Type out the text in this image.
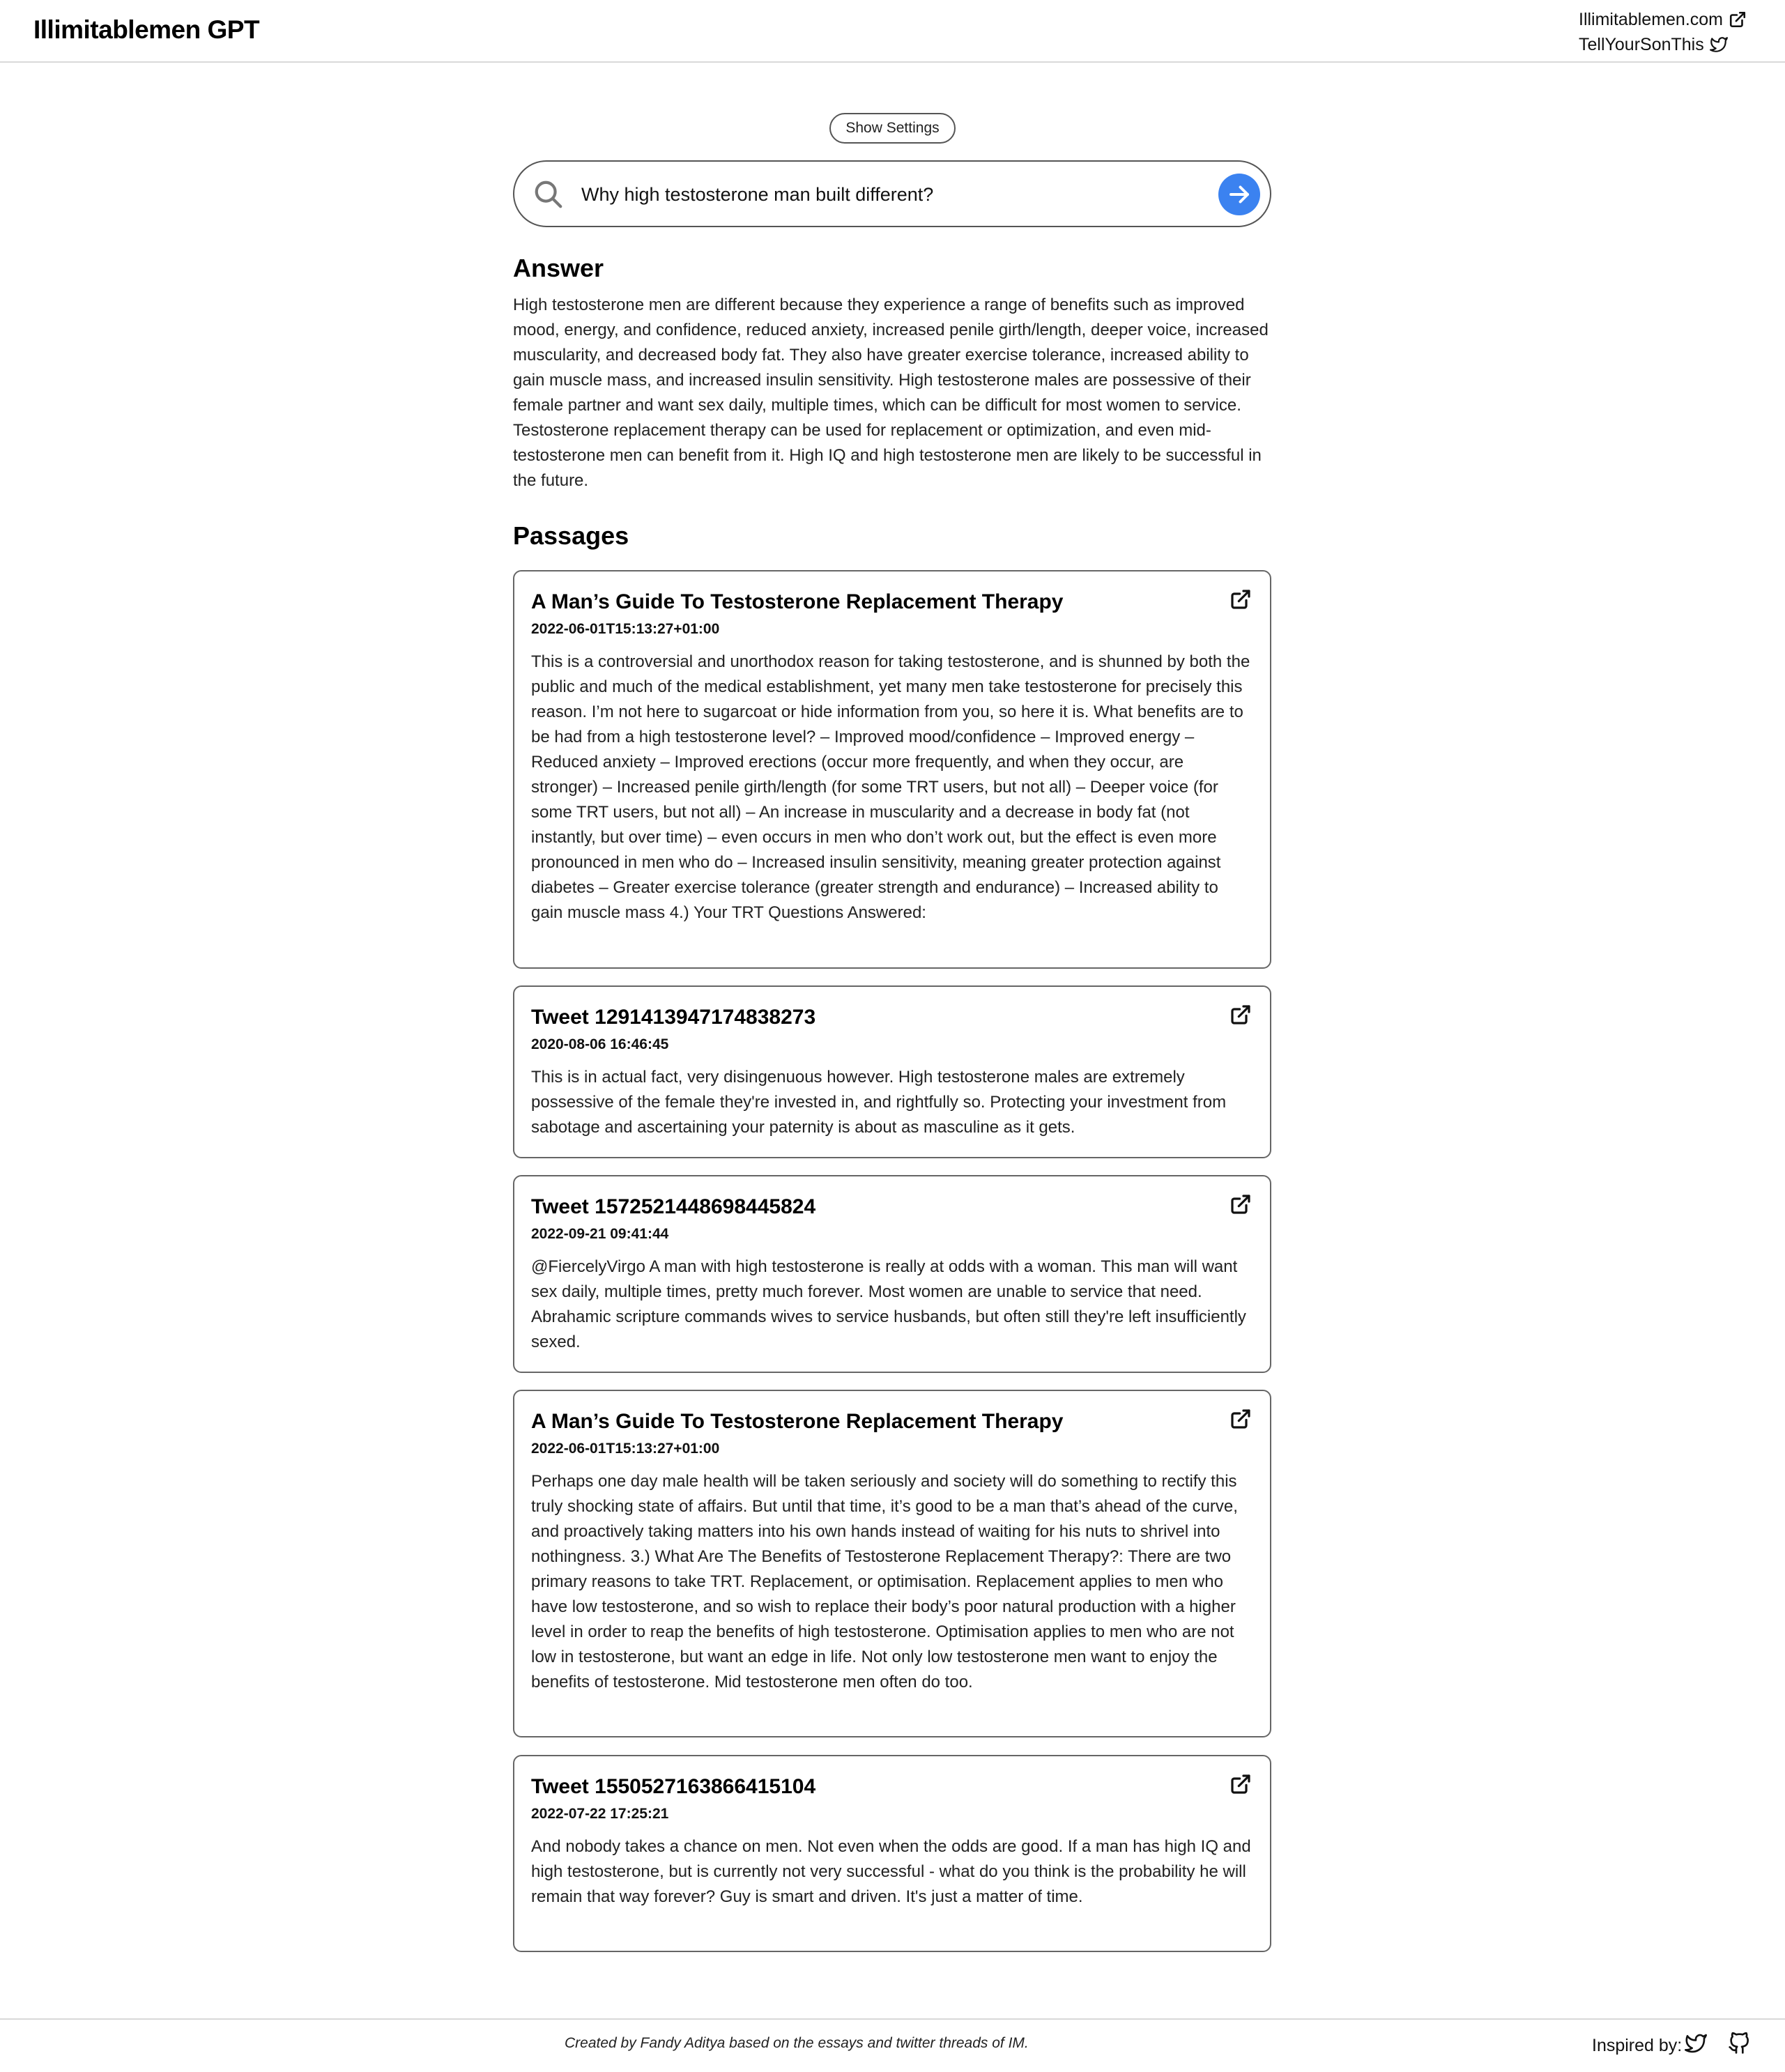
Illimitablemen GPT	Illimitablemen.com
TellYourSonThis
Show Settings
Why high testosterone man built different?
Answer

High testosterone men are different because they experience a range of benefits such as improved mood, energy, and confidence, reduced anxiety, increased penile girth/length, deeper voice, increased muscularity, and decreased body fat. They also have greater exercise tolerance, increased ability to gain muscle mass, and increased insulin sensitivity. High testosterone males are possessive of their female partner and want sex daily, multiple times, which can be difficult for most women to service. Testosterone replacement therapy can be used for replacement or optimization, and even mid-testosterone men can benefit from it. High IQ and high testosterone men are likely to be successful in the future.

Passages
A Man’s Guide To Testosterone Replacement Therapy
2022-06-01T15:13:27+01:00
This is a controversial and unorthodox reason for taking testosterone, and is shunned by both the public and much of the medical establishment, yet many men take testosterone for precisely this reason. I’m not here to sugarcoat or hide information from you, so here it is. What benefits are to be had from a high testosterone level? – Improved mood/confidence – Improved energy – Reduced anxiety – Improved erections (occur more frequently, and when they occur, are stronger) – Increased penile girth/length (for some TRT users, but not all) – Deeper voice (for some TRT users, but not all) – An increase in muscularity and a decrease in body fat (not instantly, but over time) – even occurs in men who don’t work out, but the effect is even more pronounced in men who do – Increased insulin sensitivity, meaning greater protection against diabetes – Greater exercise tolerance (greater strength and endurance) – Increased ability to gain muscle mass 4.) Your TRT Questions Answered:
Tweet 1291413947174838273
2020-08-06 16:46:45
This is in actual fact, very disingenuous however. High testosterone males are extremely possessive of the female they're invested in, and rightfully so. Protecting your investment from sabotage and ascertaining your paternity is about as masculine as it gets.
Tweet 1572521448698445824
2022-09-21 09:41:44
@FiercelyVirgo A man with high testosterone is really at odds with a woman. This man will want sex daily, multiple times, pretty much forever. Most women are unable to service that need. Abrahamic scripture commands wives to service husbands, but often still they're left insufficiently sexed.
A Man’s Guide To Testosterone Replacement Therapy
2022-06-01T15:13:27+01:00
Perhaps one day male health will be taken seriously and society will do something to rectify this truly shocking state of affairs. But until that time, it’s good to be a man that’s ahead of the curve, and proactively taking matters into his own hands instead of waiting for his nuts to shrivel into nothingness. 3.) What Are The Benefits of Testosterone Replacement Therapy?: There are two primary reasons to take TRT. Replacement, or optimisation. Replacement applies to men who have low testosterone, and so wish to replace their body’s poor natural production with a higher level in order to reap the benefits of high testosterone. Optimisation applies to men who are not low in testosterone, but want an edge in life. Not only low testosterone men want to enjoy the benefits of testosterone. Mid testosterone men often do too.
Tweet 1550527163866415104
2022-07-22 17:25:21
And nobody takes a chance on men. Not even when the odds are good. If a man has high IQ and high testosterone, but is currently not very successful - what do you think is the probability he will remain that way forever? Guy is smart and driven. It's just a matter of time.
Created by Fandy Aditya based on the essays and twitter threads of IM.	Inspired by:
